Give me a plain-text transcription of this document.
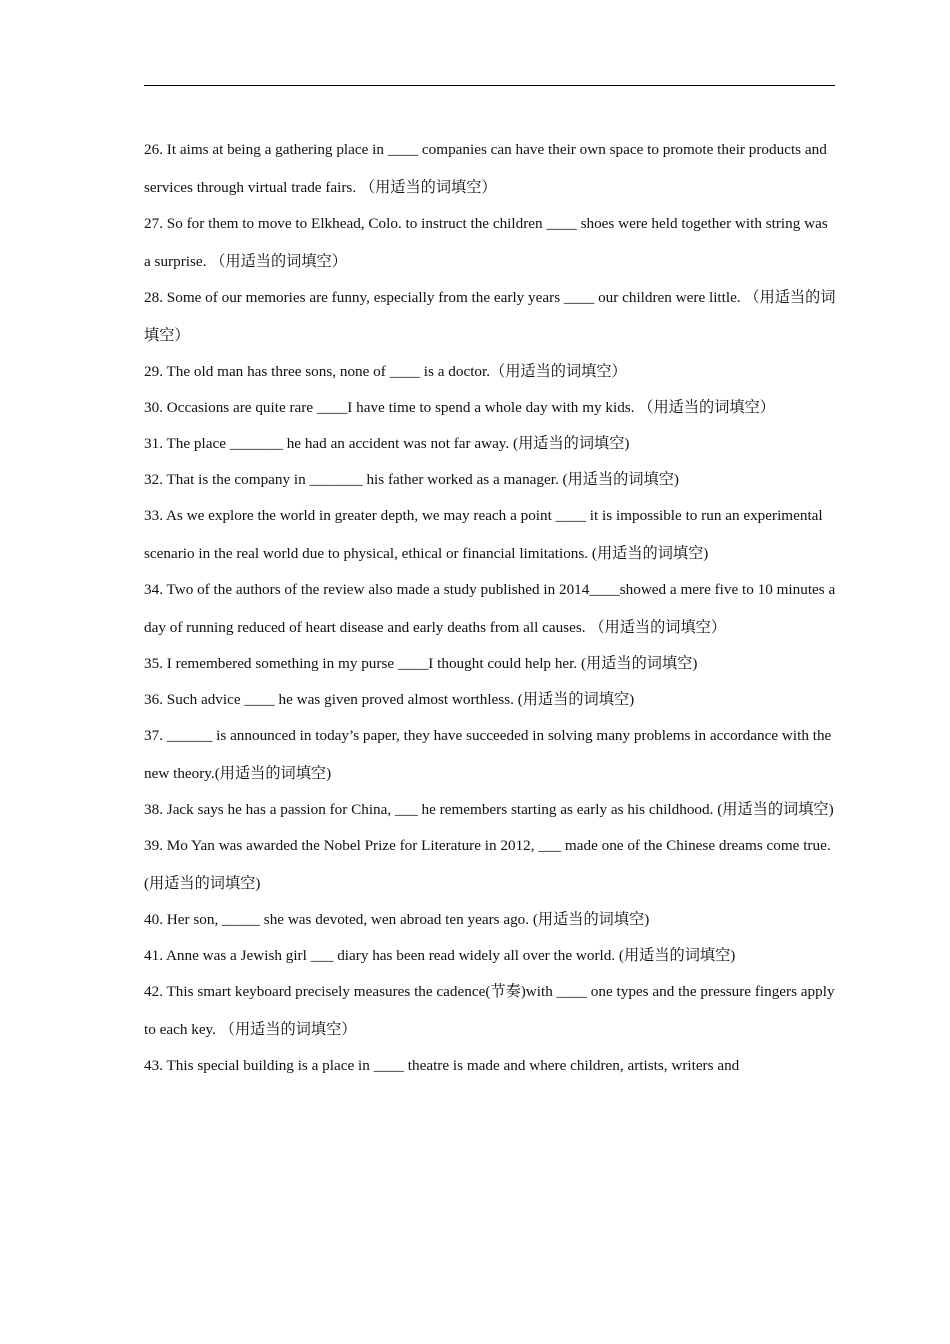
26. It aims at being a gathering place in ____ companies can have their own space to promote their products and services through virtual trade fairs. （用适当的词填空）

27. So for them to move to Elkhead, Colo. to instruct the children ____ shoes were held together with string was a surprise. （用适当的词填空）

28. Some of our memories are funny, especially from the early years ____ our children were little. （用适当的词填空）

29. The old man has three sons, none of ____ is a doctor.（用适当的词填空）

30. Occasions are quite rare ____I have time to spend a whole day with my kids. （用适当的词填空）

31. The place _______ he had an accident was not far away. (用适当的词填空)

32. That is the company in _______ his father worked as a manager. (用适当的词填空)

33. As we explore the world in greater depth, we may reach a point ____ it is impossible to run an experimental scenario in the real world due to physical, ethical or financial limitations. (用适当的词填空)

34. Two of the authors of the review also made a study published in 2014____showed a mere five to 10 minutes a day of running reduced of heart disease and early deaths from all causes. （用适当的词填空）

35. I remembered something in my purse ____I thought could help her. (用适当的词填空)

36. Such advice ____ he was given proved almost worthless. (用适当的词填空)

37. ______ is announced in today’s paper, they have succeeded in solving many problems in accordance with the new theory.(用适当的词填空)

38. Jack says he has a passion for China, ___ he remembers starting as early as his childhood. (用适当的词填空)

39. Mo Yan was awarded the Nobel Prize for Literature in 2012, ___ made one of the Chinese dreams come true. (用适当的词填空)

40. Her son, _____ she was devoted, wen abroad ten years ago. (用适当的词填空)

41. Anne was a Jewish girl ___ diary has been read widely all over the world. (用适当的词填空)

42. This smart keyboard precisely measures the cadence(节奏)with ____ one types and the pressure fingers apply to each key. （用适当的词填空）

43. This special building is a place in ____ theatre is made and where children, artists, writers and
